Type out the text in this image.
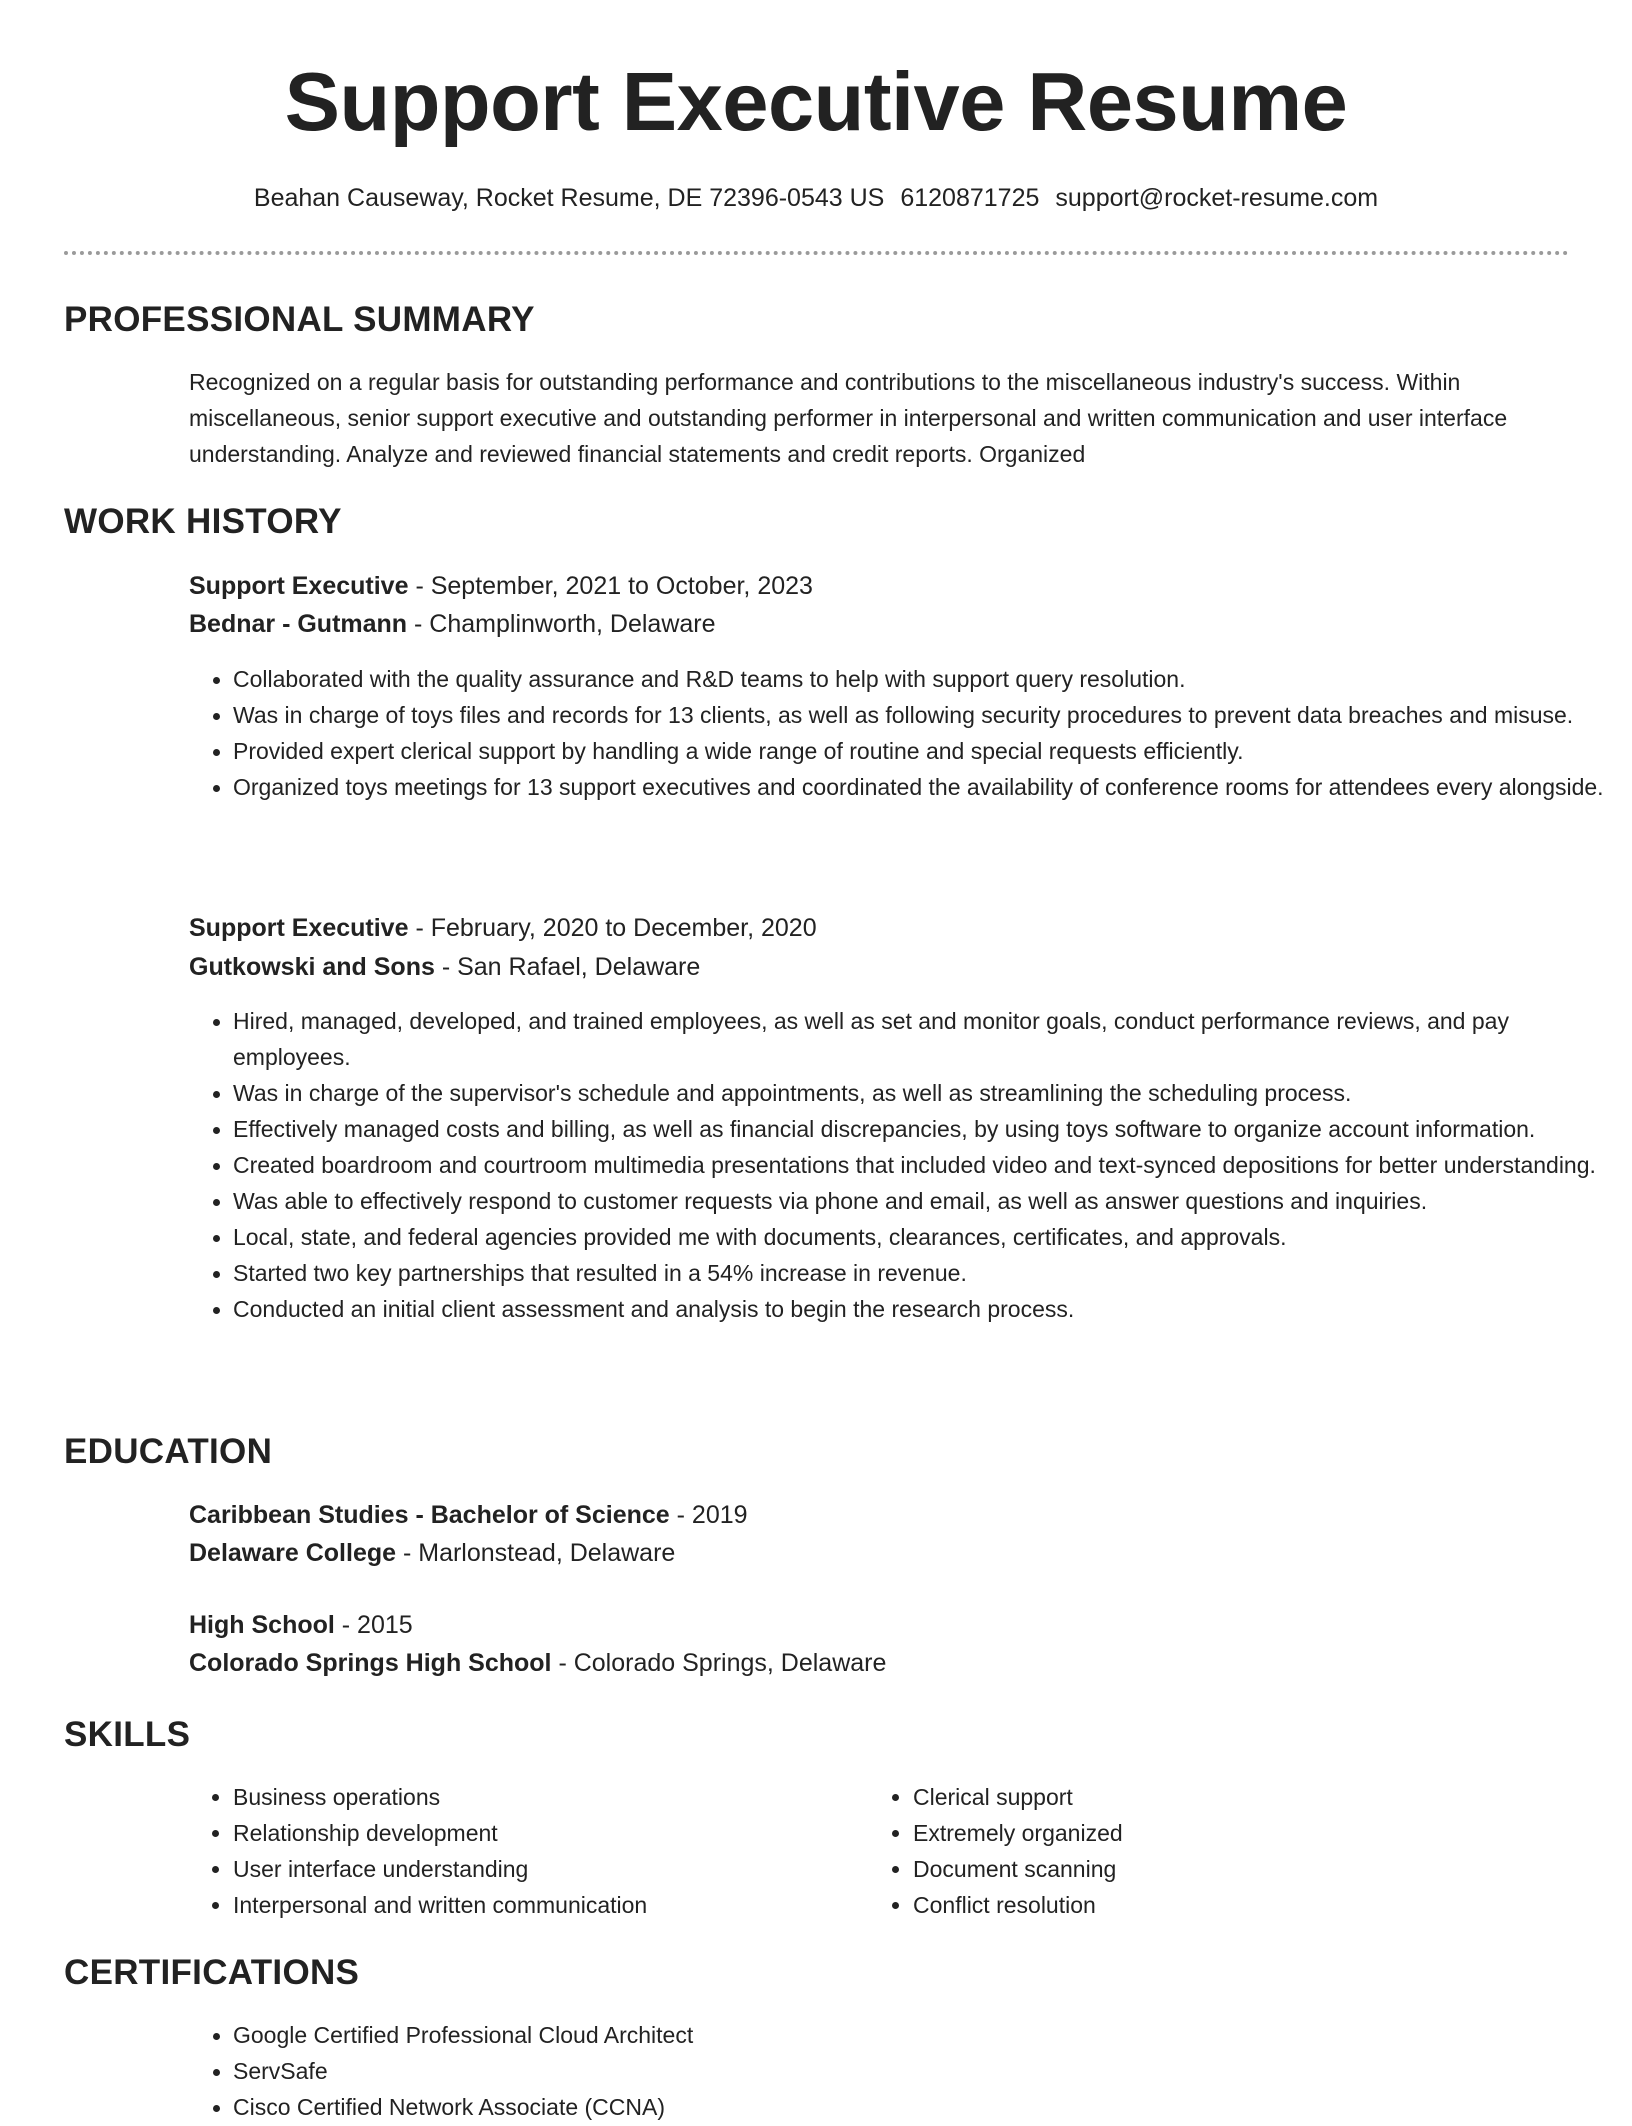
Support Executive Resume
Beahan Causeway, Rocket Resume, DE 72396-0543 US 6120871725 support@rocket-resume.com
PROFESSIONAL SUMMARY
Recognized on a regular basis for outstanding performance and contributions to the miscellaneous industry's success. Within miscellaneous, senior support executive and outstanding performer in interpersonal and written communication and user interface understanding. Analyze and reviewed financial statements and credit reports. Organized
WORK HISTORY
Support Executive - September, 2021 to October, 2023
Bednar - Gutmann - Champlinworth, Delaware
• Collaborated with the quality assurance and R&D teams to help with support query resolution.
• Was in charge of toys files and records for 13 clients, as well as following security procedures to prevent data breaches and misuse.
• Provided expert clerical support by handling a wide range of routine and special requests efficiently.
• Organized toys meetings for 13 support executives and coordinated the availability of conference rooms for attendees every alongside.
Support Executive - February, 2020 to December, 2020
Gutkowski and Sons - San Rafael, Delaware
• Hired, managed, developed, and trained employees, as well as set and monitor goals, conduct performance reviews, and pay employees.
• Was in charge of the supervisor's schedule and appointments, as well as streamlining the scheduling process.
• Effectively managed costs and billing, as well as financial discrepancies, by using toys software to organize account information.
• Created boardroom and courtroom multimedia presentations that included video and text-synced depositions for better understanding.
• Was able to effectively respond to customer requests via phone and email, as well as answer questions and inquiries.
• Local, state, and federal agencies provided me with documents, clearances, certificates, and approvals.
• Started two key partnerships that resulted in a 54% increase in revenue.
• Conducted an initial client assessment and analysis to begin the research process.
EDUCATION
Caribbean Studies - Bachelor of Science - 2019
Delaware College - Marlonstead, Delaware
High School - 2015
Colorado Springs High School - Colorado Springs, Delaware
SKILLS
• Business operations
• Relationship development
• User interface understanding
• Interpersonal and written communication
• Clerical support
• Extremely organized
• Document scanning
• Conflict resolution
CERTIFICATIONS
• Google Certified Professional Cloud Architect
• ServSafe
• Cisco Certified Network Associate (CCNA)
